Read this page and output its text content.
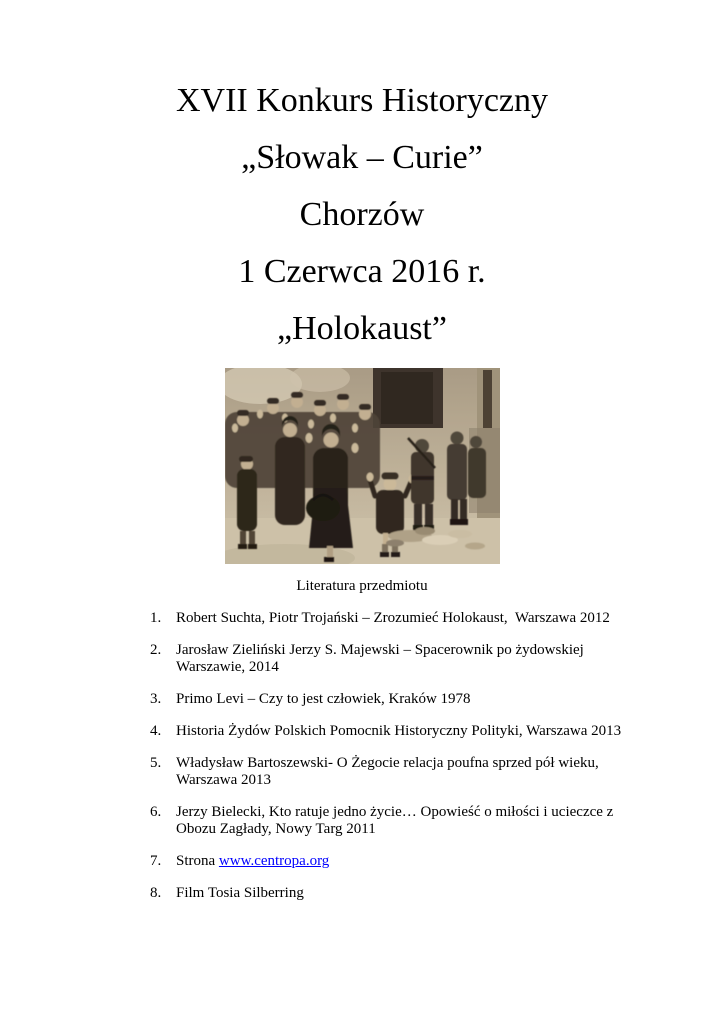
XVII Konkurs Historyczny
„Słowak – Curie”
Chorzów
1 Czerwca 2016 r.
„Holokaust”

Literatura przedmiotu

1. Robert Suchta, Piotr Trojański – Zrozumieć Holokaust,  Warszawa 2012
2. Jarosław Zieliński Jerzy S. Majewski – Spacerownik po żydowskiej Warszawie, 2014
3. Primo Levi – Czy to jest człowiek, Kraków 1978
4. Historia Żydów Polskich Pomocnik Historyczny Polityki, Warszawa 2013
5. Władysław Bartoszewski- O Żegocie relacja poufna sprzed pół wieku, Warszawa 2013
6. Jerzy Bielecki, Kto ratuje jedno życie… Opowieść o miłości i ucieczce z Obozu Zagłady, Nowy Targ 2011
7. Strona www.centropa.org
8. Film Tosia Silberring
